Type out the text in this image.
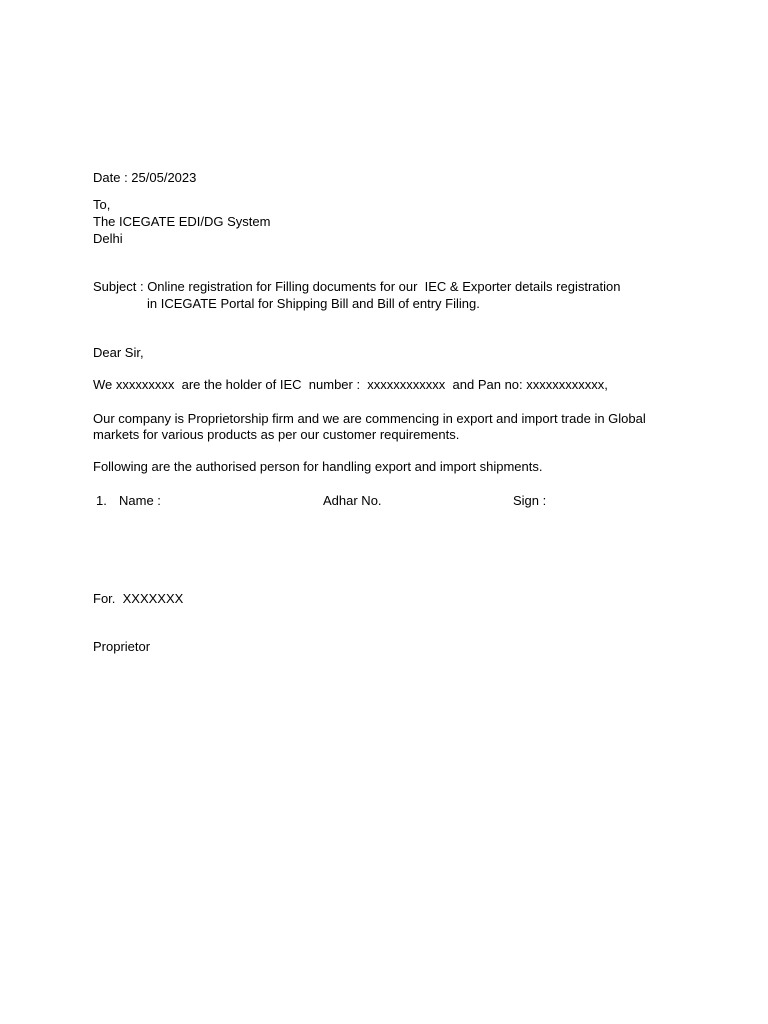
Date : 25/05/2023
To,
The ICEGATE EDI/DG System
Delhi
Subject : Online registration for Filling documents for our  IEC & Exporter details registration
in ICEGATE Portal for Shipping Bill and Bill of entry Filing.
Dear Sir,
We xxxxxxxxx  are the holder of IEC  number :  xxxxxxxxxxxx  and Pan no: xxxxxxxxxxxx,
Our company is Proprietorship firm and we are commencing in export and import trade in Global
markets for various products as per our customer requirements.
Following are the authorised person for handling export and import shipments.
1. Name :	Adhar No.	Sign :
For.  XXXXXXX
Proprietor
